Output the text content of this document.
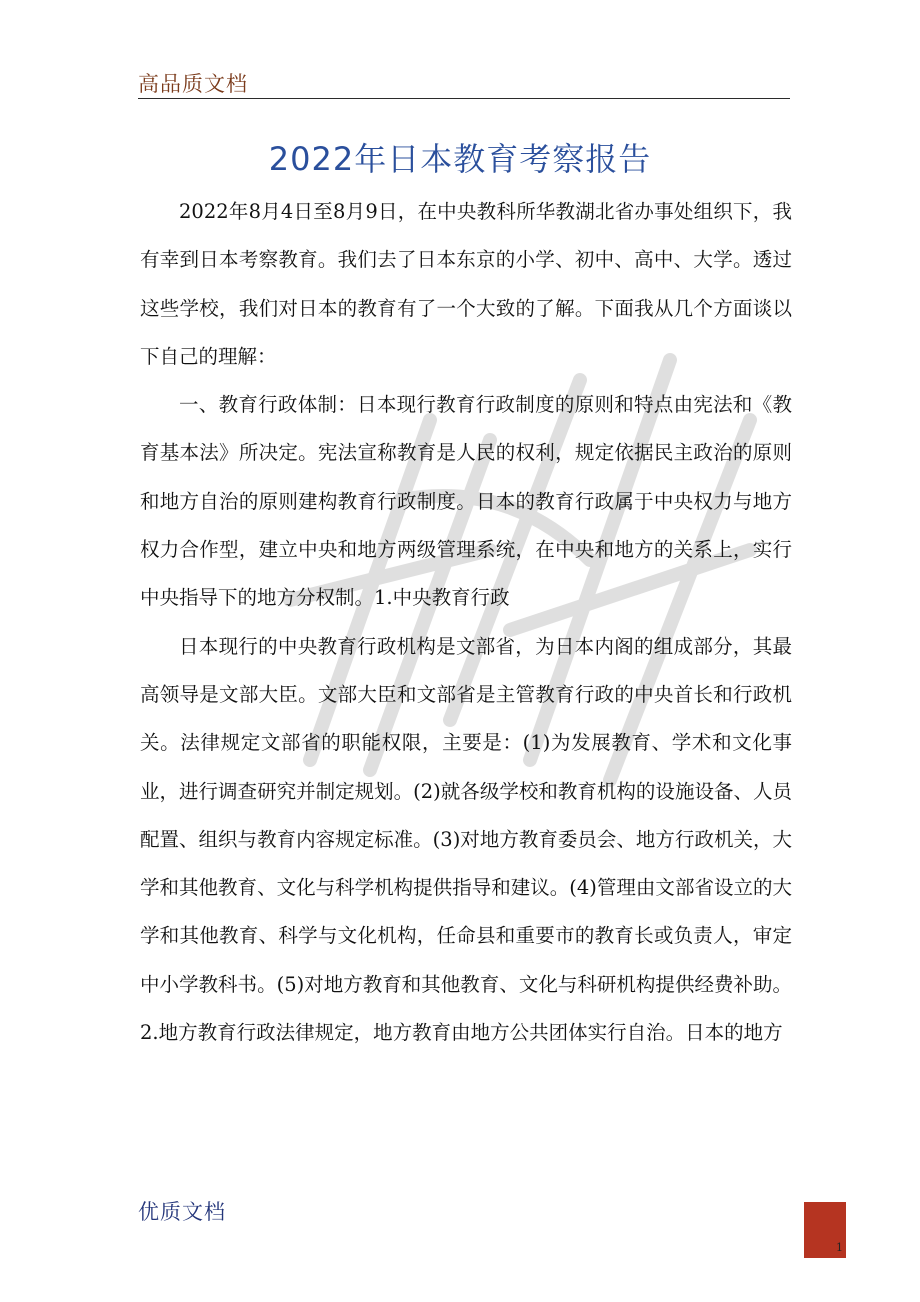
高品质文档
2022年日本教育考察报告

2022年8月4日至8月9日，在中央教科所华教湖北省办事处组织下，我有幸到日本考察教育。我们去了日本东京的小学、初中、高中、大学。透过这些学校，我们对日本的教育有了一个大致的了解。下面我从几个方面谈以下自己的理解：

一、教育行政体制：日本现行教育行政制度的原则和特点由宪法和《教育基本法》所决定。宪法宣称教育是人民的权利，规定依据民主政治的原则和地方自治的原则建构教育行政制度。日本的教育行政属于中央权力与地方权力合作型，建立中央和地方两级管理系统，在中央和地方的关系上，实行中央指导下的地方分权制。1.中央教育行政

日本现行的中央教育行政机构是文部省，为日本内阁的组成部分，其最高领导是文部大臣。文部大臣和文部省是主管教育行政的中央首长和行政机关。法律规定文部省的职能权限，主要是：(1)为发展教育、学术和文化事业，进行调查研究并制定规划。(2)就各级学校和教育机构的设施设备、人员配置、组织与教育内容规定标准。(3)对地方教育委员会、地方行政机关，大学和其他教育、文化与科学机构提供指导和建议。(4)管理由文部省设立的大学和其他教育、科学与文化机构，任命县和重要市的教育长或负责人，审定中小学教科书。(5)对地方教育和其他教育、文化与科研机构提供经费补助。2.地方教育行政法律规定，地方教育由地方公共团体实行自治。日本的地方

优质文档
1
